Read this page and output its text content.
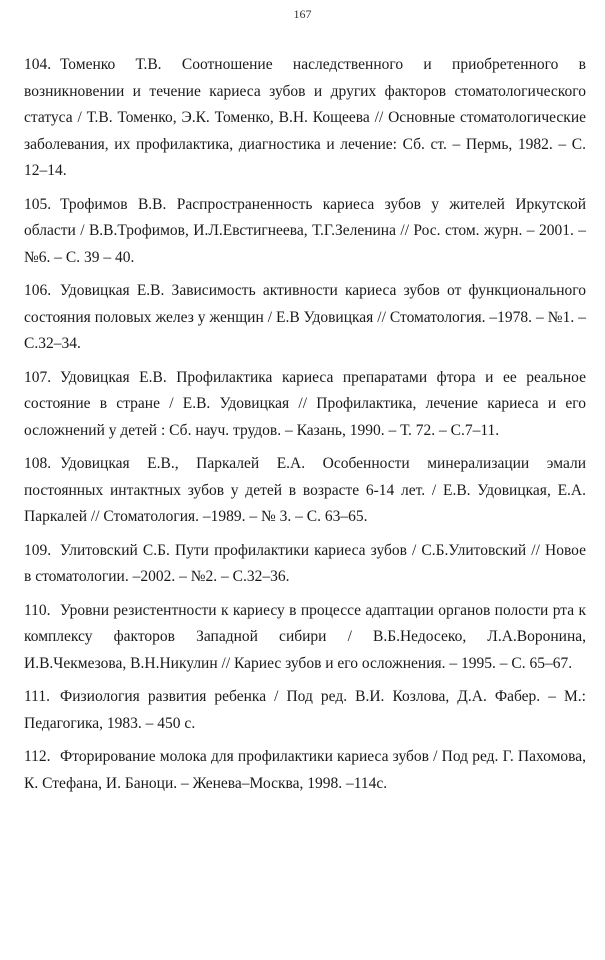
167
104. Томенко Т.В. Соотношение наследственного и приобретенного в возникновении и течение кариеса зубов и других факторов стоматологического статуса / Т.В. Томенко, Э.К. Томенко, В.Н. Кощеева // Основные стоматологические заболевания, их профилактика, диагностика и лечение: Сб. ст. – Пермь, 1982. – С. 12–14.
105. Трофимов В.В. Распространенность кариеса зубов у жителей Иркутской области / В.В.Трофимов, И.Л.Евстигнеева, Т.Г.Зеленина // Рос. стом. журн. – 2001. – №6. – С. 39 – 40.
106. Удовицкая Е.В. Зависимость активности кариеса зубов от функционального состояния половых желез у женщин / Е.В Удовицкая // Стоматология. –1978. – №1. – С.32–34.
107. Удовицкая Е.В. Профилактика кариеса препаратами фтора и ее реальное состояние в стране / Е.В. Удовицкая // Профилактика, лечение кариеса и его осложнений у детей : Сб. науч. трудов. – Казань, 1990. – Т. 72. – С.7–11.
108. Удовицкая Е.В., Паркалей Е.А. Особенности минерализации эмали постоянных интактных зубов у детей в возрасте 6-14 лет. / Е.В. Удовицкая, Е.А. Паркалей // Стоматология. –1989. – № 3. – С. 63–65.
109. Улитовский С.Б. Пути профилактики кариеса зубов / С.Б.Улитовский // Новое в стоматологии. –2002. – №2. – С.32–36.
110. Уровни резистентности к кариесу в процессе адаптации органов полости рта к комплексу факторов Западной сибири / В.Б.Недосеко, Л.А.Воронина, И.В.Чекмезова, В.Н.Никулин // Кариес зубов и его осложнения. – 1995. – С. 65–67.
111. Физиология развития ребенка / Под ред. В.И. Козлова, Д.А. Фабер. – М.: Педагогика, 1983. – 450 с.
112. Фторирование молока для профилактики кариеса зубов / Под ред. Г. Пахомова, К. Стефана, И. Баноци. – Женева–Москва, 1998. –114с.
